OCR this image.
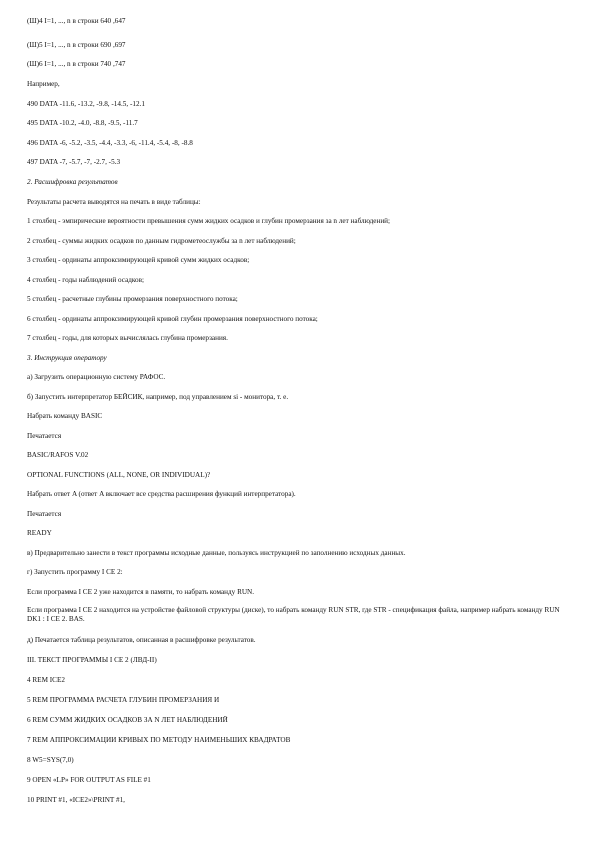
(Ш)4 I=1, ..., n в строки 640 ,647
(Ш)5 I=1, ..., n в строки 690 ,697
(Ш)6 I=1, ..., n в строки 740 ,747
Например,
490 DATA -11.6, -13.2, -9.8, -14.5, -12.1
495 DATA -10.2, -4.0, -8.8, -9.5, -11.7
496 DATA -6, -5.2, -3.5, -4.4, -3.3, -6, -11.4, -5.4, -8, -8.8
497 DATA -7, -5.7, -7, -2.7, -5.3
2. Расшифровка результатов
Результаты расчета выводятся на печать в виде таблицы:
1 столбец - эмпирические вероятности превышения сумм жидких осадков и глубин промерзания за n лет наблюдений;
2 столбец - суммы жидких осадков по данным гидрометеослужбы за n лет наблюдений;
3 столбец - ординаты аппроксимирующей кривой сумм жидких осадков;
4 столбец - годы наблюдений осадков;
5 столбец - расчетные глубины промерзания поверхностного потока;
6 столбец - ординаты аппроксимирующей кривой глубин промерзания поверхностного потока;
7 столбец - годы, для которых вычислялась глубина промерзания.
3. Инструкция оператору
а) Загрузить операционную систему РАФОС.
б) Запустить интерпретатор БЕЙСИК, например, под управлением si - монитора, т. е.
Набрать команду BASIC
Печатается
BASIC/RAFOS V.02
OPTIONAL FUNCTIONS (ALL, NONE, OR INDIVIDUAL)?
Набрать ответ A (ответ A включает все средства расширения функций интерпретатора).
Печатается
READY
в) Предварительно занести в текст программы исходные данные, пользуясь инструкцией по заполнению исходных данных.
г) Запустить программу I CE 2:
Если программа I CE 2 уже находится в памяти, то набрать команду RUN.
Если программа I CE 2 находится на устройстве файловой структуры (диске), то набрать команду RUN STR, где STR - спецификация файла, например набрать команду RUN DK1 : I CE 2. BAS.
д) Печатается таблица результатов, описанная в расшифровке результатов.
III. ТЕКСТ ПРОГРАММЫ I CE 2 (ЛВД-II)
4 REM ICE2
5 REM ПРОГРАММА РАСЧЕТА ГЛУБИН ПРОМЕРЗАНИЯ И
6 REM СУММ ЖИДКИХ ОСАДКОВ ЗА N ЛЕТ НАБЛЮДЕНИЙ
7 REM АППРОКСИМАЦИИ КРИВЫХ ПО МЕТОДУ НАИМЕНЬШИХ КВАДРАТОВ
8 W5=SYS(7,0)
9 OPEN «LP» FOR OUTPUT AS FILE #1
10 PRINT #1, «ICE2»\PRINT #1,
